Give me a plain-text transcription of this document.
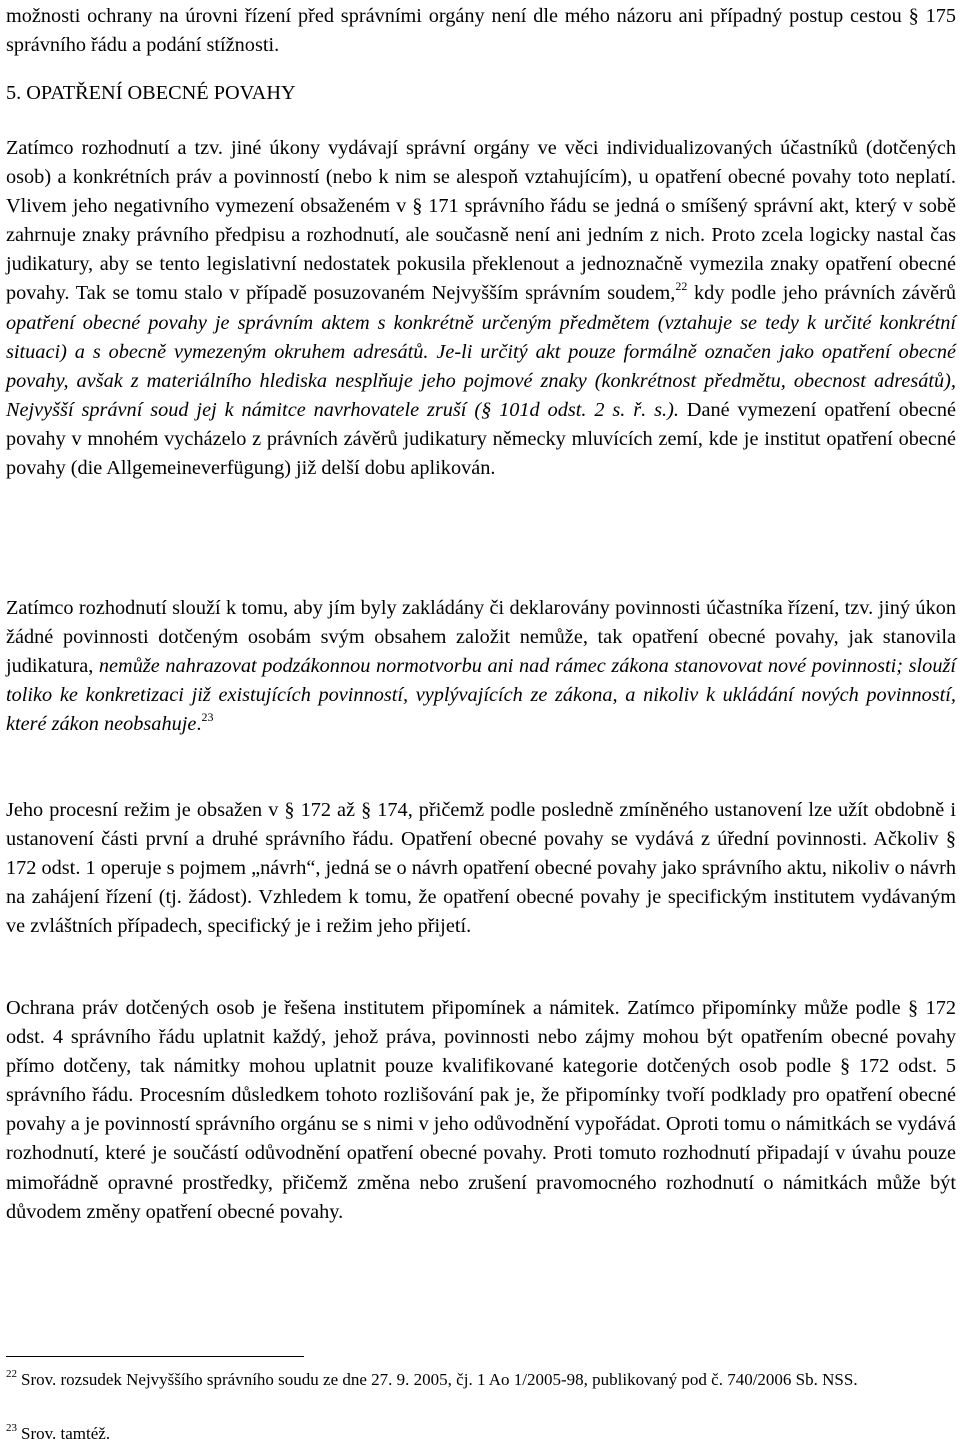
možnosti ochrany na úrovni řízení před správními orgány není dle mého názoru ani případný postup cestou § 175 správního řádu a podání stížnosti.

5. OPATŘENÍ OBECNÉ POVAHY

Zatímco rozhodnutí a tzv. jiné úkony vydávají správní orgány ve věci individualizovaných účastníků (dotčených osob) a konkrétních práv a povinností (nebo k nim se alespoň vztahujícím), u opatření obecné povahy toto neplatí. Vlivem jeho negativního vymezení obsaženém v § 171 správního řádu se jedná o smíšený správní akt, který v sobě zahrnuje znaky právního předpisu a rozhodnutí, ale současně není ani jedním z nich. Proto zcela logicky nastal čas judikatury, aby se tento legislativní nedostatek pokusila překlenout a jednoznačně vymezila znaky opatření obecné povahy. Tak se tomu stalo v případě posuzovaném Nejvyšším správním soudem,$^{22}$ kdy podle jeho právních závěrů opatření obecné povahy je správním aktem s konkrétně určeným předmětem (vztahuje se tedy k určité konkrétní situaci) a s obecně vymezeným okruhem adresátů. Je-li určitý akt pouze formálně označen jako opatření obecné povahy, avšak z materiálního hlediska nesplňuje jeho pojmové znaky (konkrétnost předmětu, obecnost adresátů), Nejvyšší správní soud jej k námitce navrhovatele zruší (§ 101d odst. 2 s. ř. s.). Dané vymezení opatření obecné povahy v mnohém vycházelo z právních závěrů judikatury německy mluvících zemí, kde je institut opatření obecné povahy (die Allgemeineverfügung) již delší dobu aplikován.

Zatímco rozhodnutí slouží k tomu, aby jím byly zakládány či deklarovány povinnosti účastníka řízení, tzv. jiný úkon žádné povinnosti dotčeným osobám svým obsahem založit nemůže, tak opatření obecné povahy, jak stanovila judikatura, nemůže nahrazovat podzákonnou normotvorbu ani nad rámec zákona stanovovat nové povinnosti; slouží toliko ke konkretizaci již existujících povinností, vyplývajících ze zákona, a nikoliv k ukládání nových povinností, které zákon neobsahuje.$^{23}$

Jeho procesní režim je obsažen v § 172 až § 174, přičemž podle posledně zmíněného ustanovení lze užít obdobně i ustanovení části první a druhé správního řádu. Opatření obecné povahy se vydává z úřední povinnosti. Ačkoliv § 172 odst. 1 operuje s pojmem „návrh“, jedná se o návrh opatření obecné povahy jako správního aktu, nikoliv o návrh na zahájení řízení (tj. žádost). Vzhledem k tomu, že opatření obecné povahy je specifickým institutem vydávaným ve zvláštních případech, specifický je i režim jeho přijetí.

Ochrana práv dotčených osob je řešena institutem připomínek a námitek. Zatímco připomínky může podle § 172 odst. 4 správního řádu uplatnit každý, jehož práva, povinnosti nebo zájmy mohou být opatřením obecné povahy přímo dotčeny, tak námitky mohou uplatnit pouze kvalifikované kategorie dotčených osob podle § 172 odst. 5 správního řádu. Procesním důsledkem tohoto rozlišování pak je, že připomínky tvoří podklady pro opatření obecné povahy a je povinností správního orgánu se s nimi v jeho odůvodnění vypořádat. Oproti tomu o námitkách se vydává rozhodnutí, které je součástí odůvodnění opatření obecné povahy. Proti tomuto rozhodnutí připadají v úvahu pouze mimořádně opravné prostředky, přičemž změna nebo zrušení pravomocného rozhodnutí o námitkách může být důvodem změny opatření obecné povahy.

$^{22}$ Srov. rozsudek Nejvyššího správního soudu ze dne 27. 9. 2005, čj. 1 Ao 1/2005-98, publikovaný pod č. 740/2006 Sb. NSS.
$^{23}$ Srov. tamtéž.
